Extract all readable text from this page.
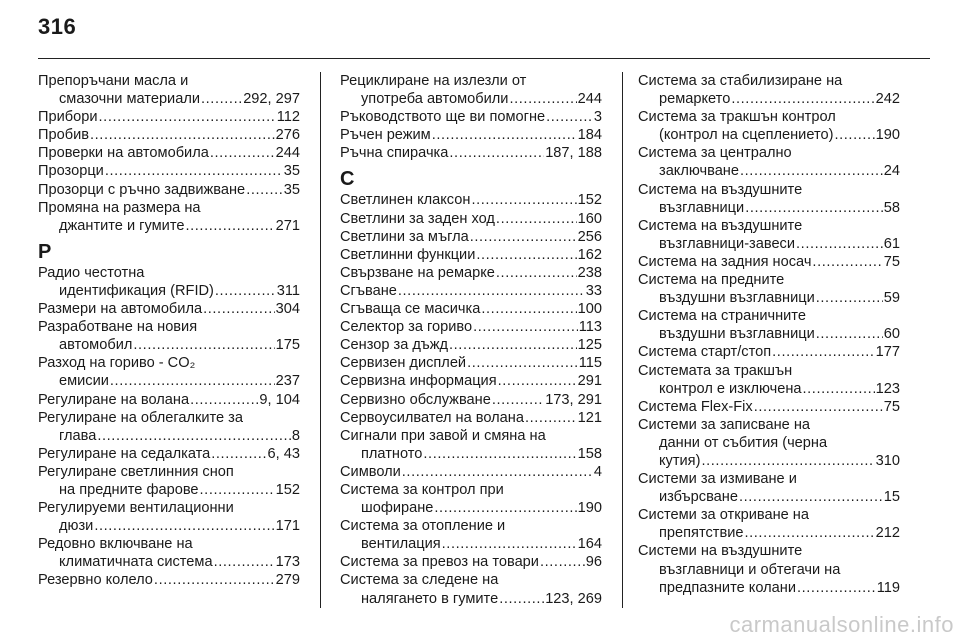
316
Препоръчани масла и
смазочни материали .....	292, 297
Прибори .....	112
Пробив .....	276
Проверки на автомобила .....	244
Прозорци .....	35
Прозорци с ръчно задвижване .....	35
Промяна на размера на
джантите и гумите .....	271
Р
Радио честотна
идентификация (RFID) .....	311
Размери на автомобила .....	304
Разработване на новия
автомобил .....	175
Разход на гориво - CO₂
емисии .....	237
Регулиране на волана .....	9, 104
Регулиране на облегалките за
глава .....	8
Регулиране на седалката .....	6, 43
Регулиране светлинния сноп
на предните фарове .....	152
Регулируеми вентилационни
дюзи .....	171
Редовно включване на
климатичната система .....	173
Резервно колело .....	279
Рециклиране на излезли от
употреба автомобили .....	244
Ръководството ще ви помогне .....	3
Ръчен режим .....	184
Ръчна спирачка .....	187, 188
С
Светлинен клаксон .....	152
Светлини за заден ход .....	160
Светлини за мъгла .....	256
Светлинни функции .....	162
Свързване на ремарке .....	238
Сгъване .....	33
Сгъваща се масичка .....	100
Селектор за гориво .....	113
Сензор за дъжд .....	125
Сервизен дисплей .....	115
Сервизна информация .....	291
Сервизно обслужване .....	173, 291
Сервоусилвател на волана .....	121
Сигнали при завой и смяна на
платното .....	158
Символи .....	4
Система за контрол при
шофиране .....	190
Система за отопление и
вентилация .....	164
Система за превоз на товари .....	96
Система за следене на
налягането в гумите .....	123, 269
Система за стабилизиране на
ремаркето .....	242
Система за тракшън контрол
(контрол на сцеплението) .....	190
Система за централно
заключване .....	24
Система на въздушните
възглавници .....	58
Система на въздушните
възглавници-завеси .....	61
Система на задния носач .....	75
Система на предните
въздушни възглавници .....	59
Система на страничните
въздушни възглавници .....	60
Система старт/стоп .....	177
Системата за тракшън
контрол е изключена .....	123
Система Flex-Fix .....	75
Системи за записване на
данни от събития (черна
кутия) .....	310
Системи за измиване и
избърсване .....	15
Системи за откриване на
препятствие .....	212
Системи на въздушните
възглавници и обтегачи на
предпазните колани .....	119
carmanualsonline.info
